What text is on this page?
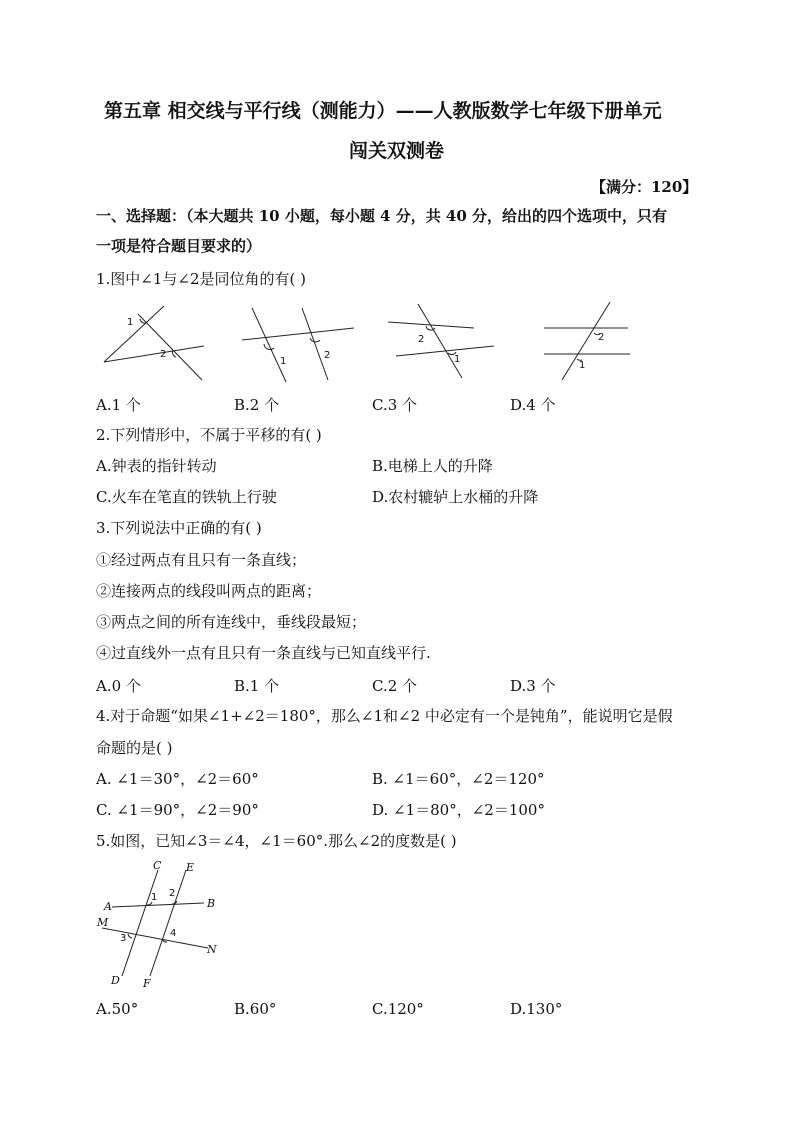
第五章 相交线与平行线（测能力）——人教版数学七年级下册单元
闯关双测卷
【满分：120】
一、选择题：（本大题共 10 小题，每小题 4 分，共 40 分，给出的四个选项中，只有
一项是符合题目要求的）
1.图中∠1与∠2是同位角的有( )
1
2
1
2
2
1
2
1
A.1 个	B.2 个	C.3 个	D.4 个
2.下列情形中，不属于平移的有( )
A.钟表的指针转动	B.电梯上人的升降
C.火车在笔直的铁轨上行驶	D.农村辘轳上水桶的升降
3.下列说法中正确的有( )
①经过两点有且只有一条直线；
②连接两点的线段叫两点的距离；
③两点之间的所有连线中，垂线段最短；
④过直线外一点有且只有一条直线与已知直线平行.
A.0 个	B.1 个	C.2 个	D.3 个
4.对于命题“如果∠1+∠2＝180°，那么∠1和∠2 中必定有一个是钝角”，能说明它是假
命题的是( )
A. ∠1＝30°，∠2＝60°	B. ∠1＝60°，∠2＝120°
C. ∠1＝90°，∠2＝90°	D. ∠1＝80°，∠2＝100°
5.如图，已知∠3＝∠4，∠1＝60°.那么∠2的度数是( )
C E
A	B
M
N
D F
1 2
3	4
A.50°	B.60°	C.120°	D.130°
